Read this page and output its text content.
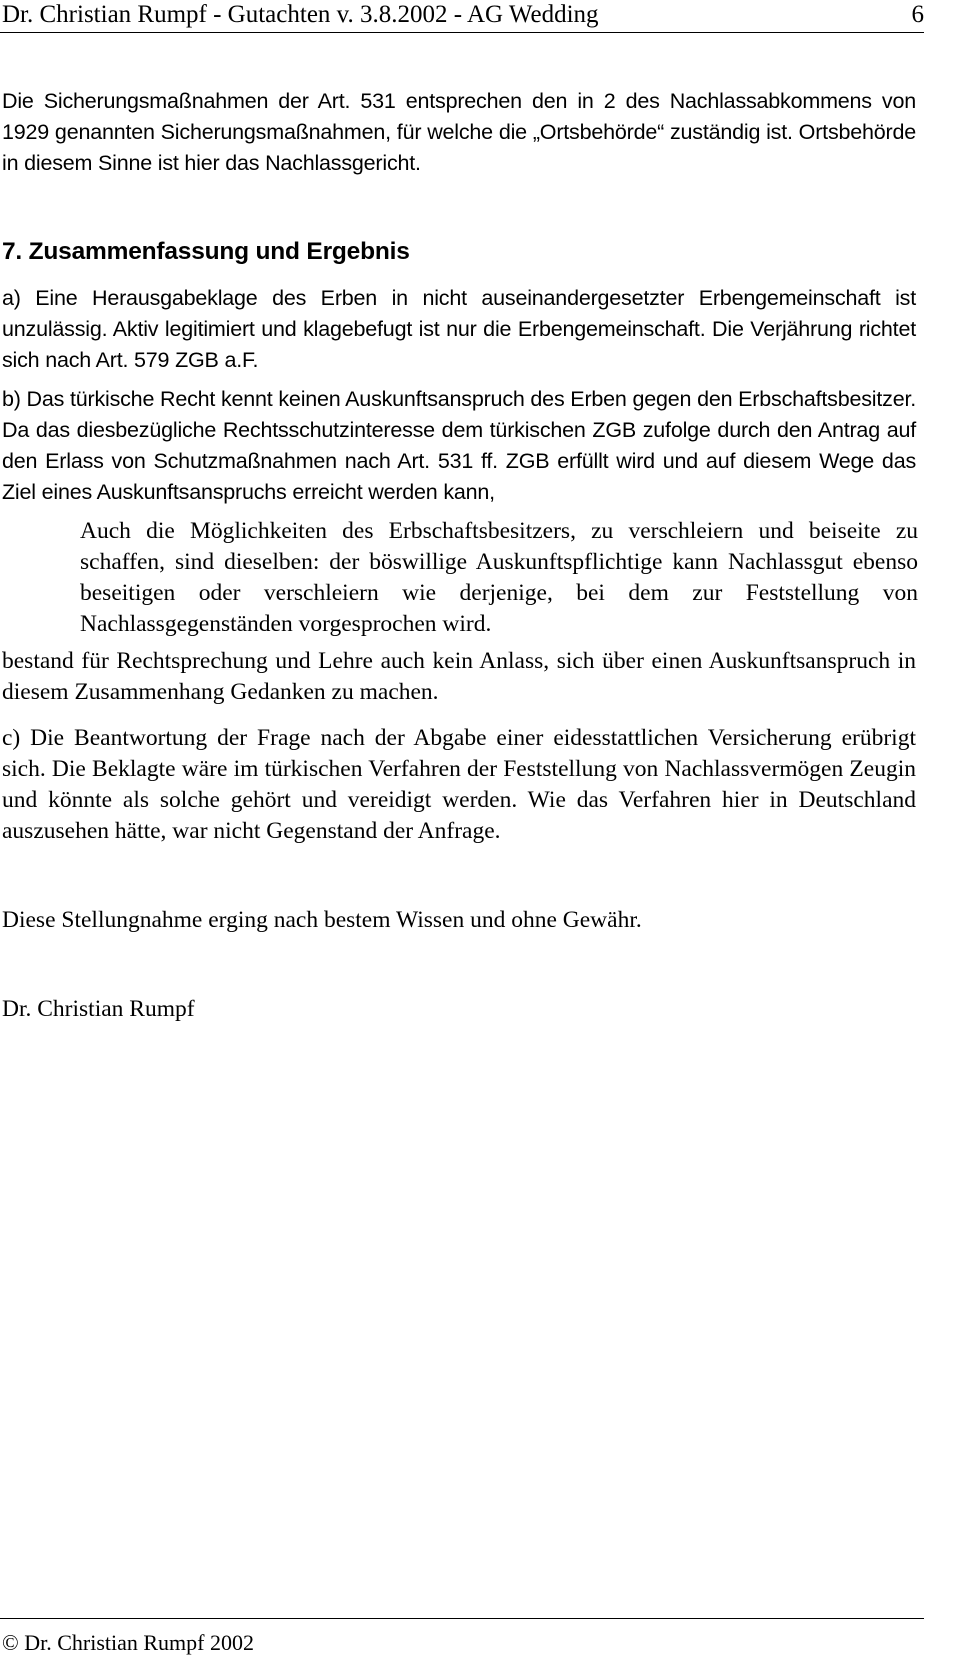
Dr. Christian Rumpf - Gutachten v. 3.8.2002 - AG Wedding	6

Die Sicherungsmaßnahmen der Art. 531 entsprechen den in 2 des Nachlassabkommens von 1929 genannten Sicherungsmaßnahmen, für welche die „Ortsbehörde“ zuständig ist. Ortsbehörde in diesem Sinne ist hier das Nachlassgericht.

7. Zusammenfassung und Ergebnis

a) Eine Herausgabeklage des Erben in nicht auseinandergesetzter Erbengemeinschaft ist unzulässig. Aktiv legitimiert und klagebefugt ist nur die Erbengemeinschaft. Die Verjährung richtet sich nach Art. 579 ZGB a.F.

b) Das türkische Recht kennt keinen Auskunftsanspruch des Erben gegen den Erbschaftsbesitzer. Da das diesbezügliche Rechtsschutzinteresse dem türkischen ZGB zufolge durch den Antrag auf den Erlass von Schutzmaßnahmen nach Art. 531 ff. ZGB erfüllt wird und auf diesem Wege das Ziel eines Auskunftsanspruchs erreicht werden kann,

Auch die Möglichkeiten des Erbschaftsbesitzers, zu verschleiern und beiseite zu schaffen, sind dieselben: der böswillige Auskunftspflichtige kann Nachlassgut ebenso beseitigen oder verschleiern wie derjenige, bei dem zur Feststellung von Nachlassgegenständen vorgesprochen wird.

bestand für Rechtsprechung und Lehre auch kein Anlass, sich über einen Auskunftsanspruch in diesem Zusammenhang Gedanken zu machen.

c) Die Beantwortung der Frage nach der Abgabe einer eidesstattlichen Versicherung erübrigt sich. Die Beklagte wäre im türkischen Verfahren der Feststellung von Nachlassvermögen Zeugin und könnte als solche gehört und vereidigt werden. Wie das Verfahren hier in Deutschland auszusehen hätte, war nicht Gegenstand der Anfrage.

Diese Stellungnahme erging nach bestem Wissen und ohne Gewähr.

Dr. Christian Rumpf

© Dr. Christian Rumpf 2002
